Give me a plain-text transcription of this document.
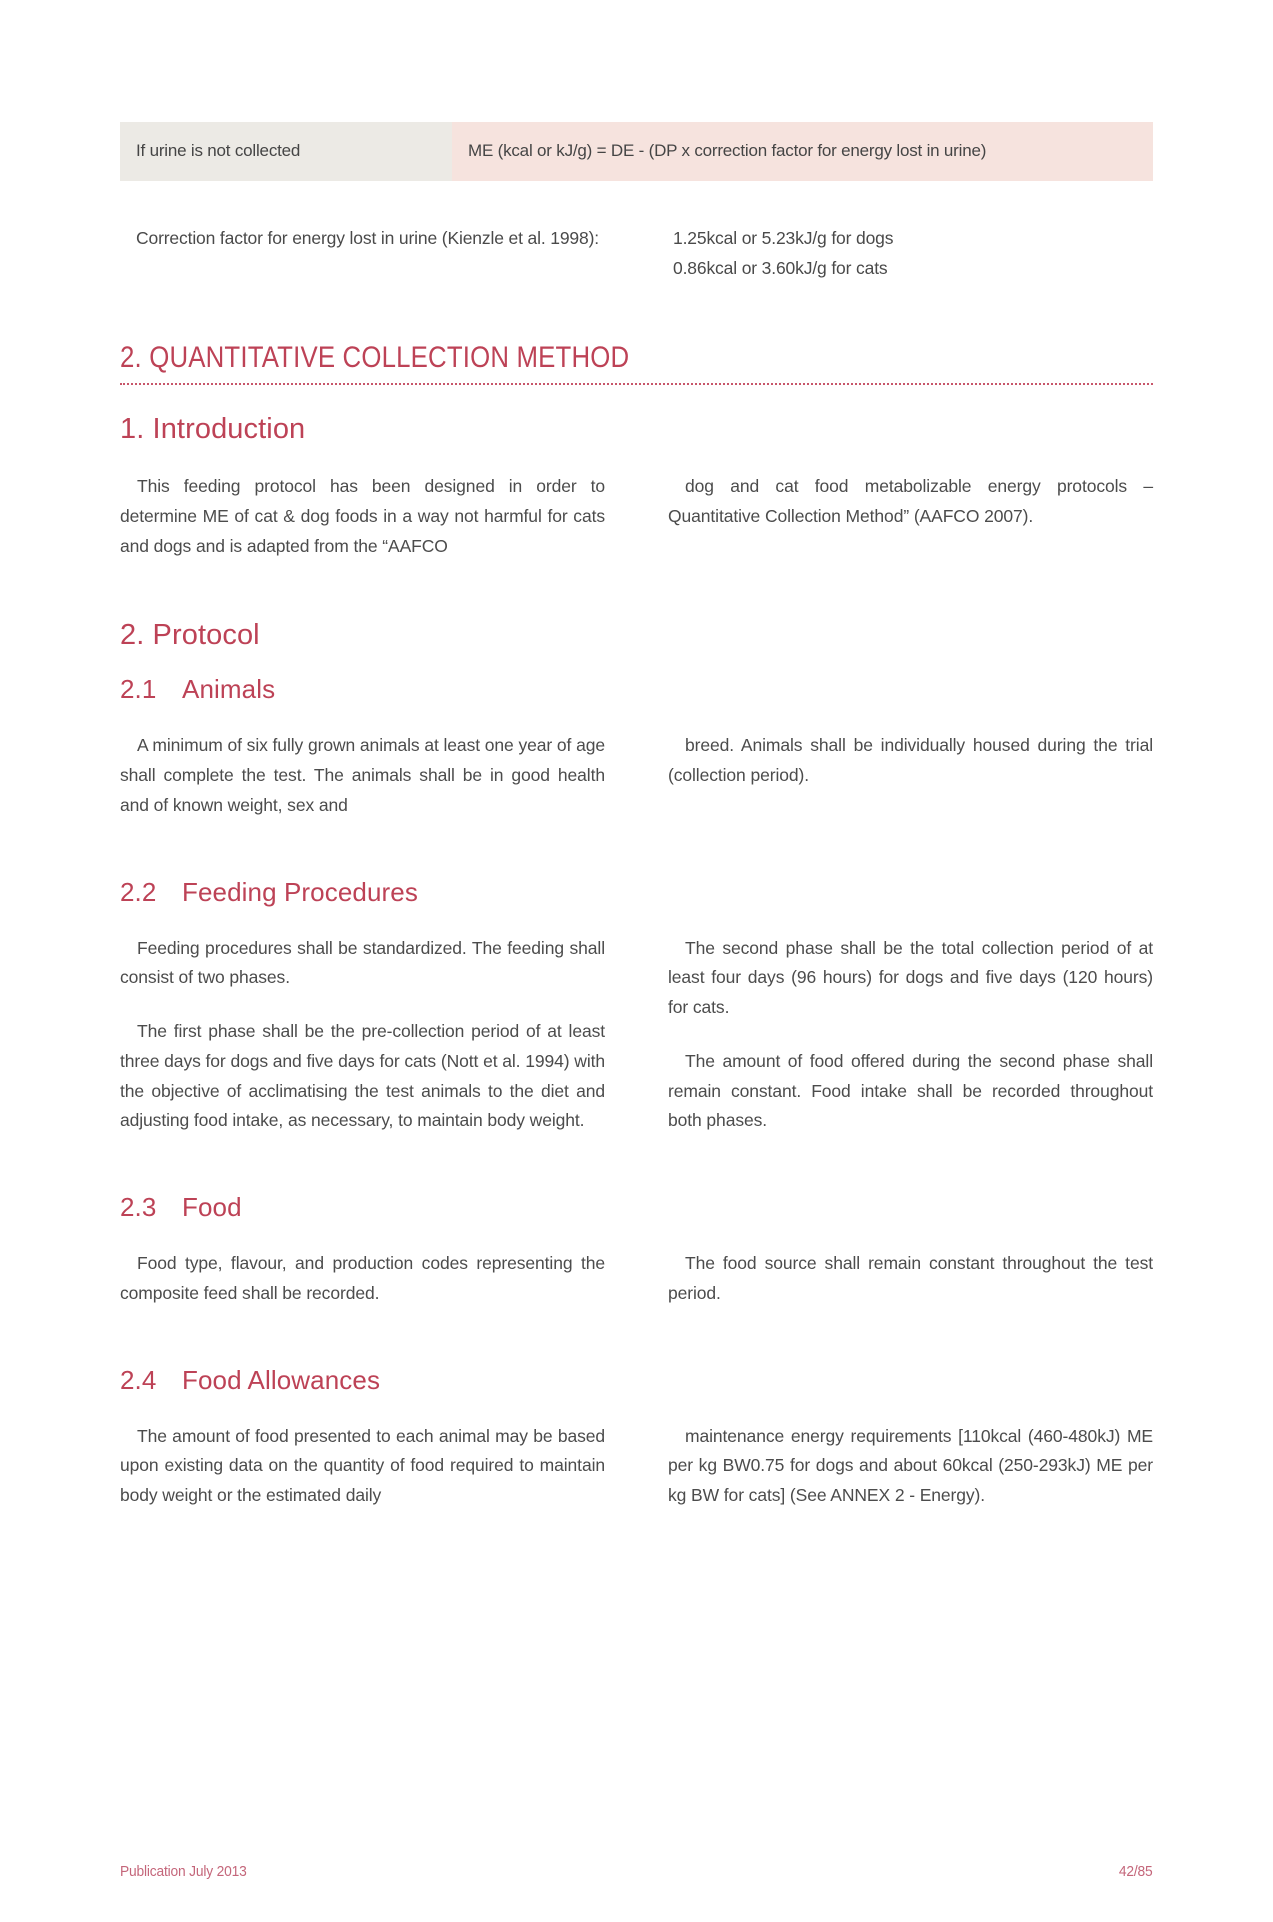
If urine is not collected	ME (kcal or kJ/g) = DE - (DP x correction factor for energy lost in urine)
Correction factor for energy lost in urine (Kienzle et al. 1998):	1.25kcal or 5.23kJ/g for dogs
0.86kcal or 3.60kJ/g for cats
2. QUANTITATIVE COLLECTION METHOD
1. Introduction

This feeding protocol has been designed in order to determine ME of cat & dog foods in a way not harmful for cats and dogs and is adapted from the “AAFCO

dog and cat food metabolizable energy protocols – Quantitative Collection Method” (AAFCO 2007).

2. Protocol
2.1 Animals

A minimum of six fully grown animals at least one year of age shall complete the test. The animals shall be in good health and of known weight, sex and

breed. Animals shall be individually housed during the trial (collection period).

2.2 Feeding Procedures

Feeding procedures shall be standardized. The feeding shall consist of two phases.

The first phase shall be the pre-collection period of at least three days for dogs and five days for cats (Nott et al. 1994) with the objective of acclimatising the test animals to the diet and adjusting food intake, as necessary, to maintain body weight.

The second phase shall be the total collection period of at least four days (96 hours) for dogs and five days (120 hours) for cats.

The amount of food offered during the second phase shall remain constant. Food intake shall be recorded throughout both phases.

2.3 Food

Food type, flavour, and production codes representing the composite feed shall be recorded.

The food source shall remain constant throughout the test period.

2.4 Food Allowances

The amount of food presented to each animal may be based upon existing data on the quantity of food required to maintain body weight or the estimated daily

maintenance energy requirements [110kcal (460-480kJ) ME per kg BW0.75 for dogs and about 60kcal (250-293kJ) ME per kg BW for cats] (See ANNEX 2 - Energy).

Publication July 2013	42/85
